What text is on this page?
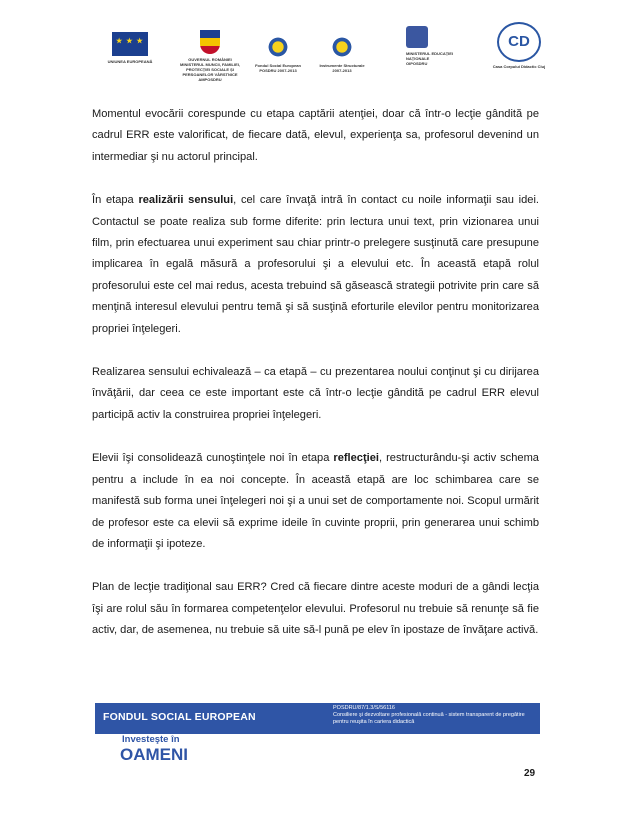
★ ★ ★
UNIUNEA EUROPEANĂ	GUVERNUL ROMÂNIEI MINISTERUL MUNCII, FAMILIEI, PROTECȚIEI SOCIALE ȘI PERSOANELOR VÂRSTNICE AMPOSDRU
Fondul Social European POSDRU 2007-2013
Instrumente Structurale 2007-2013
MINISTERUL EDUCAȚIEI NAȚIONALE
OIPOSDRU
CD
Casa Corpului Didactic Cluj

Momentul evocării corespunde cu etapa captării atenţiei, doar că într-o lecţie gândită pe cadrul ERR este valorificat, de fiecare dată, elevul, experienţa sa, profesorul devenind un intermediar şi nu actorul principal.

În etapa realizării sensului, cel care învaţă intră în contact cu noile informaţii sau idei. Contactul se poate realiza sub forme diferite: prin lectura unui text, prin vizionarea unui film, prin efectuarea unui experiment sau chiar printr-o prelegere susţinută care presupune implicarea în egală măsură a profesorului şi a elevului etc. În această etapă rolul profesorului este cel mai redus, acesta trebuind să găsească strategii potrivite prin care să menţină interesul elevului pentru temă şi să susţină eforturile elevilor pentru monitorizarea propriei înţelegeri.

Realizarea sensului echivalează – ca etapă – cu prezentarea noului conţinut şi cu dirijarea învăţării, dar ceea ce este important este că într-o lecţie gândită pe cadrul ERR elevul participă activ la construirea propriei înţelegeri.

Elevii îşi consolidează cunoştinţele noi în etapa reflecţiei, restructurându-şi activ schema pentru a include în ea noi concepte. În această etapă are loc schimbarea care se manifestă sub forma unei înţelegeri noi şi a unui set de comportamente noi. Scopul urmărit de profesor este ca elevii să exprime ideile în cuvinte proprii, prin generarea unui schimb de informaţii şi ipoteze.

Plan de lecţie tradiţional sau ERR? Cred că fiecare dintre aceste moduri de a gândi lecţia îşi are rolul său în formarea competenţelor elevului. Profesorul nu trebuie să renunţe să fie activ, dar, de asemenea, nu trebuie să uite să-l pună pe elev în ipostaze de învăţare activă.

FONDUL SOCIAL EUROPEAN
POSDRU/87/1.3/S/56116
Consiliere şi dezvoltare profesională continuă - sistem transparent de pregătire pentru reuşita în cariera didactică
Investeşte în
OAMENI
29
